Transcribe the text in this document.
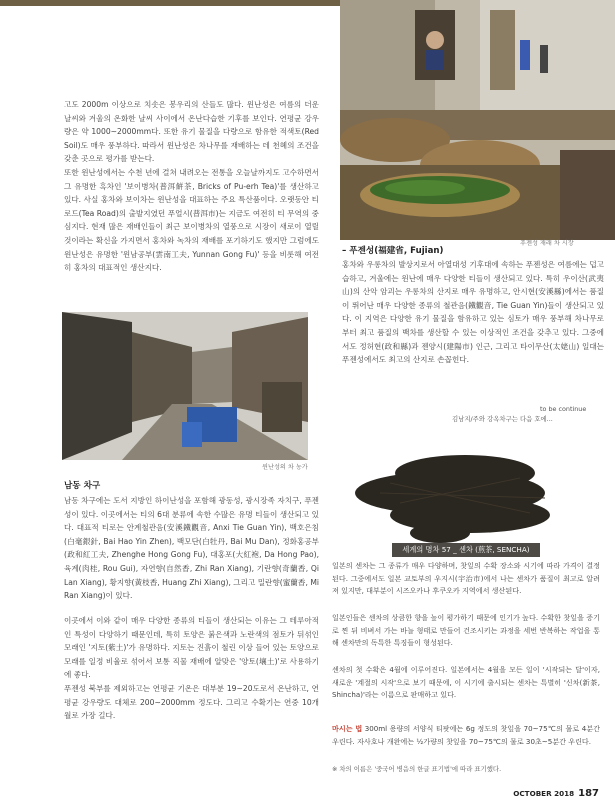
푸젠성 재래 차 시장
고도 2000m 이상으로 치솟은 봉우리의 산들도 많다. 윈난성은 여름의 더운 날씨와 겨울의 온화한 날씨 사이에서 온난다습한 기후를 보인다. 연평균 강우량은 약 1000~2000mm다. 또한 유기 물질을 다량으로 함유한 적색토(Red Soil)도 매우 풍부하다. 따라서 윈난성은 차나무를 재배하는 데 천혜의 조건을 갖춘 곳으로 평가를 받는다.
또한 윈난성에서는 수천 년에 걸쳐 내려오는 전통을 오늘날까지도 고수하면서 그 유명한 흑차인 '보이병차(普洱餠茶, Bricks of Pu-erh Tea)'를 생산하고 있다. 사실 홍차와 보이차는 윈난성을 대표하는 주요 특산품이다. 오랫동안 티 로드(Tea Road)의 출발지였던 푸얼시(普洱市)는 지금도 여전히 티 무역의 중심지다. 현재 많은 재배인들이 최근 보이병차의 열풍으로 시장이 새로이 열릴 것이라는 확신을 가지면서 홍차와 녹차의 재배를 포기하기도 했지만 그럼에도 윈난성은 유명한 '윈남공부(雲南工夫, Yunnan Gong Fu)' 등을 비롯해 여전히 홍차의 대표적인 생산지다.
윈난성의 차 농가
남동 차구
남동 차구에는 도서 지방인 하이난성을 포함해 광동성, 광시장족 자치구, 푸젠성이 있다. 이곳에서는 티의 6대 분류에 속한 수많은 유명 티들이 생산되고 있다. 대표적 티로는 안계철관음(安溪鐵觀音, Anxi Tie Guan Yin), 백호은침(白毫銀針, Bai Hao Yin Zhen), 백모단(白牡丹, Bai Mu Dan), 정화홍공부(政和紅工夫, Zhenghe Hong Gong Fu), 대홍포(大紅袍, Da Hong Pao), 육계(肉桂, Rou Gui), 자연향(自然香, Zhi Ran Xiang), 기란향(奇蘭香, Qi Lan Xiang), 황지향(黃枝香, Huang Zhi Xiang), 그리고 밀란향(蜜蘭香, Mi Ran Xiang)이 있다.
이곳에서 이와 같이 매우 다양한 종류의 티들이 생산되는 이유는 그 테루아적인 특성이 다양하기 때문인데, 특히 토양은 붉은색과 노란색의 점토가 뒤섞인 모래인 '지토(紫土)'가 유명하다. 지토는 진흙이 철린 이상 들어 있는 토양으로 모래를 일정 비율로 섞어서 보통 직물 재배에 알맞은 '양토(壤土)'로 사용하기에 좋다.
푸젠성 북부를 제외하고는 연평균 기온은 대부분 19~20도로서 온난하고, 연평균 강우량도 대체로 200~2000mm 정도다. 그리고 수확기는 연중 10개월로 가장 길다.
– 푸젠성(福建省, Fujian)
홍차와 우롱차의 발상지로서 아열대성 기후대에 속하는 푸젠성은 여름에는 덥고 습하고, 겨울에는 윈난에 매우 다양한 티들이 생산되고 있다. 특히 우이산(武夷山)의 산악 암괴는 우롱차의 산지로 매우 유명하고, 안시현(安溪縣)에서는 품질이 뛰어난 매우 다양한 종류의 철관음(鐵觀音, Tie Guan Yin)들이 생산되고 있다. 이 지역은 다양한 유기 물질을 함유하고 있는 심토가 매우 풍부해 차나무로부터 최고 품질의 백차를 생산할 수 있는 이상적인 조건을 갖추고 있다. 그중에서도 정허현(政和縣)과 젠양시(建陽市) 인근, 그리고 타이무산(太姥山) 일대는 푸젠성에서도 최고의 산지로 손꼽힌다.
to be continue
김남지/주와 강옥차구는 다음 호에...
세계의 명차 57 _ 센차 (煎茶, SENCHA)
일본의 센차는 그 종류가 매우 다양하며, 찻잎의 수확 장소와 시기에 따라 가격이 결정된다. 그중에서도 일본 교토부의 우지시(宇治市)에서 나는 센차가 품질이 최고로 알려져 있지만, 대부분이 시즈오카나 후쿠오카 지역에서 생산된다.
일본인들은 센차의 상큼한 향을 높이 평가하기 때문에 인기가 높다. 수확한 찻잎을 증기로 찐 뒤 비벼서 가는 바늘 형태로 만들어 건조시키는 과정을 세번 반복하는 작업을 통해 센차만의 독특한 특징들이 형성된다.
센차의 첫 수확은 4월에 이루어진다. 일본에서는 4월을 모든 일이 '시작되는 달'이자, 새로운 '계절의 시작'으로 보기 때문에, 이 시기에 출시되는 센차는 특별히 '신차(新茶, Shincha)'라는 이름으로 판매하고 있다.
마시는 법 300ml 용량의 서양식 티팟에는 6g 정도의 찻잎을 70~75℃의 물로 4분간 우린다. 자사호나 개완에는 ½가량의 찻잎을 70~75℃의 물로 30초~5분간 우린다.
※ 차의 이름은 '중국어 병음의 한글 표기법'에 따라 표기했다.
OCTOBER 2018 187
